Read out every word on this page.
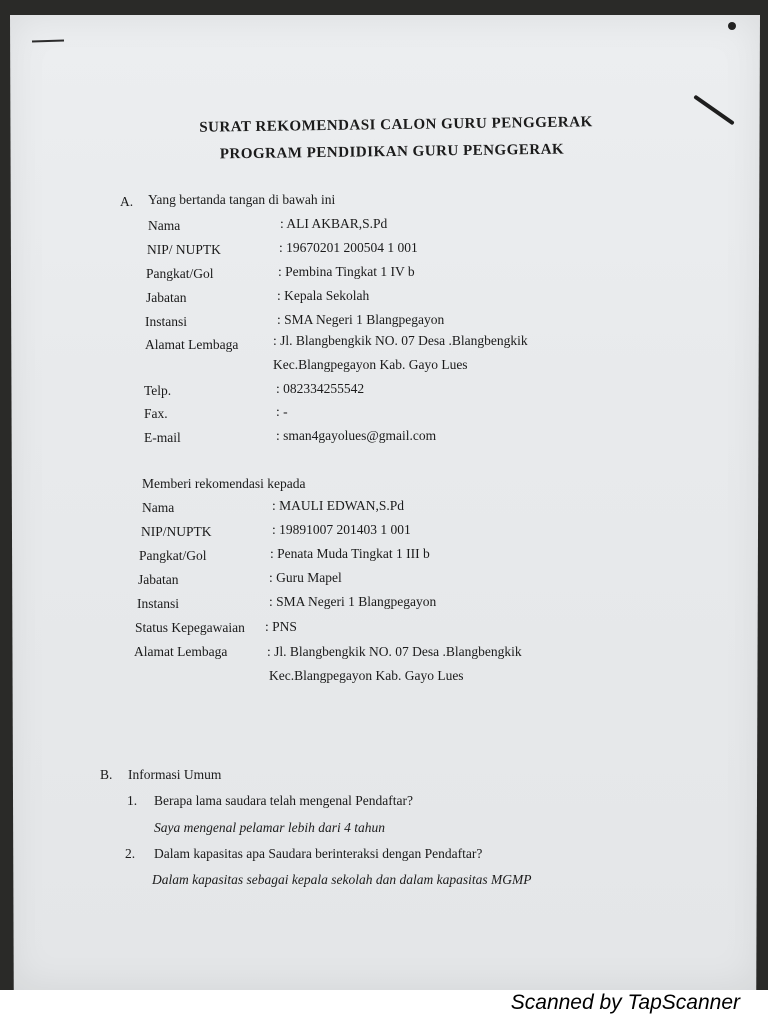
SURAT REKOMENDASI CALON GURU PENGGERAK
PROGRAM PENDIDIKAN GURU PENGGERAK
A. Yang bertanda tangan di bawah ini
Nama	: ALI AKBAR,S.Pd
NIP/ NUPTK	: 19670201 200504 1 001
Pangkat/Gol	: Pembina Tingkat 1 IV b
Jabatan	: Kepala Sekolah
Instansi	: SMA Negeri 1 Blangpegayon
Alamat Lembaga	: Jl. Blangbengkik NO. 07 Desa .Blangbengkik
Kec.Blangpegayon Kab. Gayo Lues
Telp.	: 082334255542
Fax.	: -
E-mail	: sman4gayolues@gmail.com
Memberi rekomendasi kepada
Nama	: MAULI EDWAN,S.Pd
NIP/NUPTK	: 19891007 201403 1 001
Pangkat/Gol	: Penata Muda Tingkat 1 III b
Jabatan	: Guru Mapel
Instansi	: SMA Negeri 1 Blangpegayon
Status Kepegawaian : PNS
Alamat Lembaga	: Jl. Blangbengkik NO. 07 Desa .Blangbengkik
Kec.Blangpegayon Kab. Gayo Lues
B. Informasi Umum
1. Berapa lama saudara telah mengenal Pendaftar?
Saya mengenal pelamar lebih dari 4 tahun
2. Dalam kapasitas apa Saudara berinteraksi dengan Pendaftar?
Dalam kapasitas sebagai kepala sekolah dan dalam kapasitas MGMP
Scanned by TapScanner
